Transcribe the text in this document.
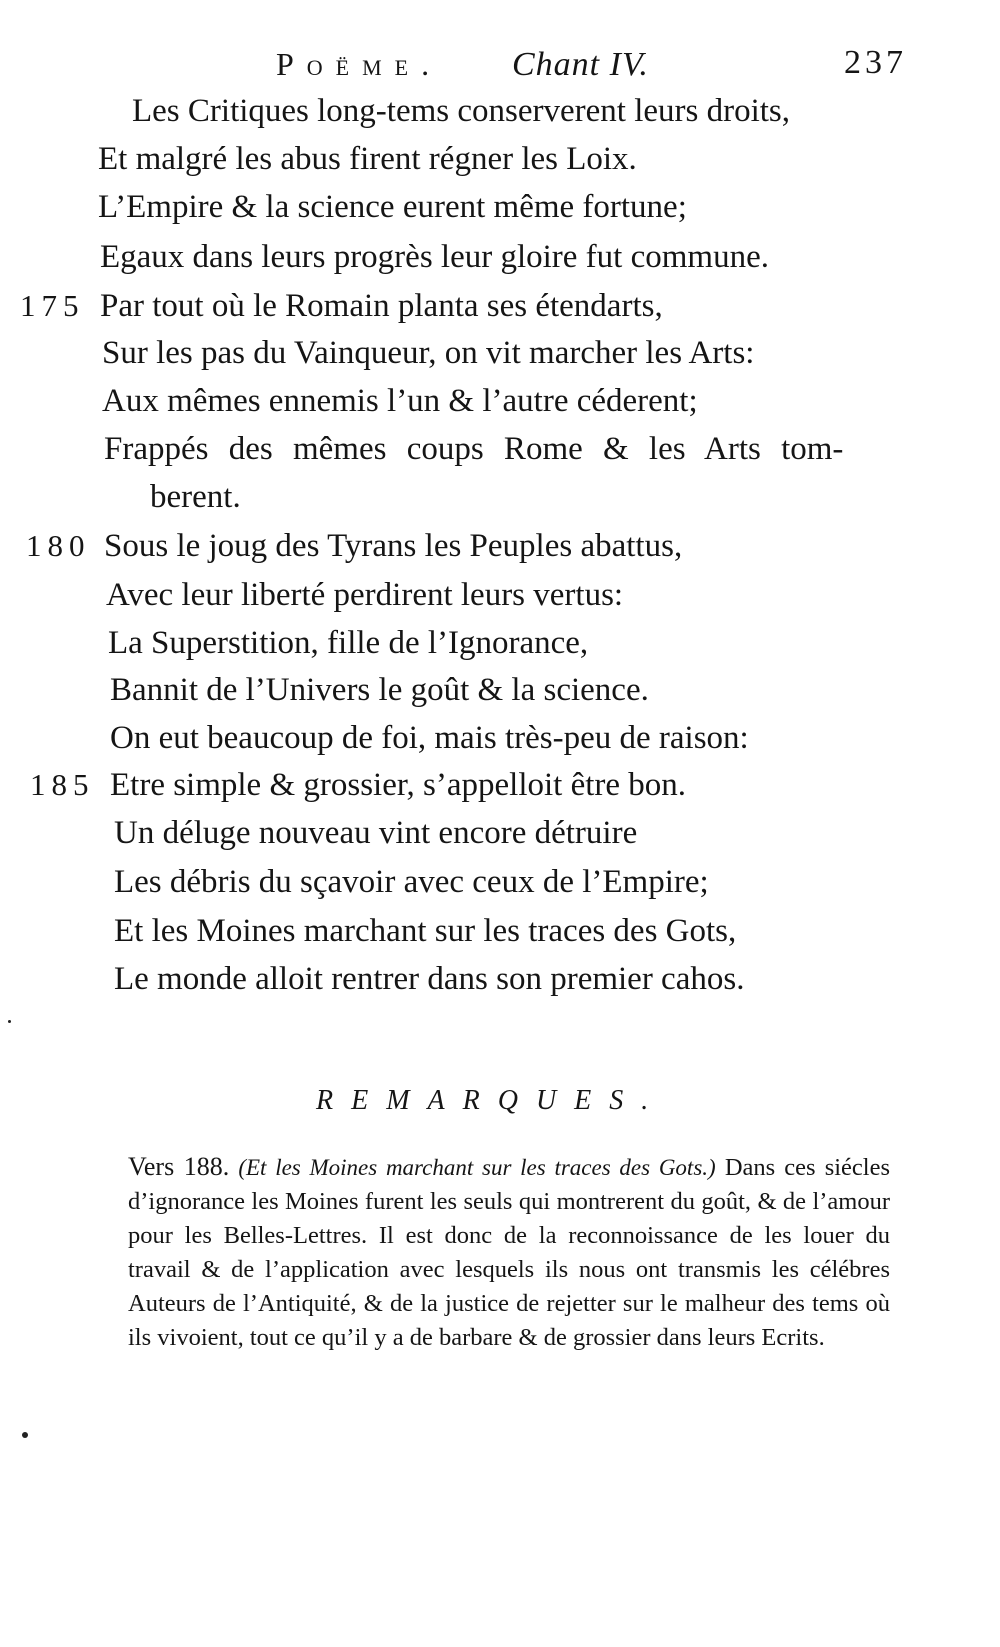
Poëme. Chant IV.	237
Les Critiques long-tems conserverent leurs droits,
Et malgré les abus firent régner les Loix.
L’Empire & la science eurent même fortune;
Egaux dans leurs progrès leur gloire fut commune.
175 Par tout où le Romain planta ses étendarts,
Sur les pas du Vainqueur, on vit marcher les Arts:
Aux mêmes ennemis l’un & l’autre céderent;
Frappés des mêmes coups Rome & les Arts tom-
berent.
180 Sous le joug des Tyrans les Peuples abattus,
Avec leur liberté perdirent leurs vertus:
La Superstition, fille de l’Ignorance,
Bannit de l’Univers le goût & la science.
On eut beaucoup de foi, mais très-peu de raison:
185 Etre simple & grossier, s’appelloit être bon.
Un déluge nouveau vint encore détruire
Les débris du sçavoir avec ceux de l’Empire;
Et les Moines marchant sur les traces des Gots,
Le monde alloit rentrer dans son premier cahos.
REMARQUES.
Vers 188. (Et les Moines marchant sur les traces des Gots.) Dans ces siécles d’ignorance les Moines furent les seuls qui montrerent du goût, & de l’amour pour les Belles-Lettres. Il est donc de la reconnoissance de les louer du travail & de l’application avec lesquels ils nous ont transmis les célébres Auteurs de l’Antiquité, & de la justice de rejetter sur le malheur des tems où ils vivoient, tout ce qu’il y a de barbare & de grossier dans leurs Ecrits.
